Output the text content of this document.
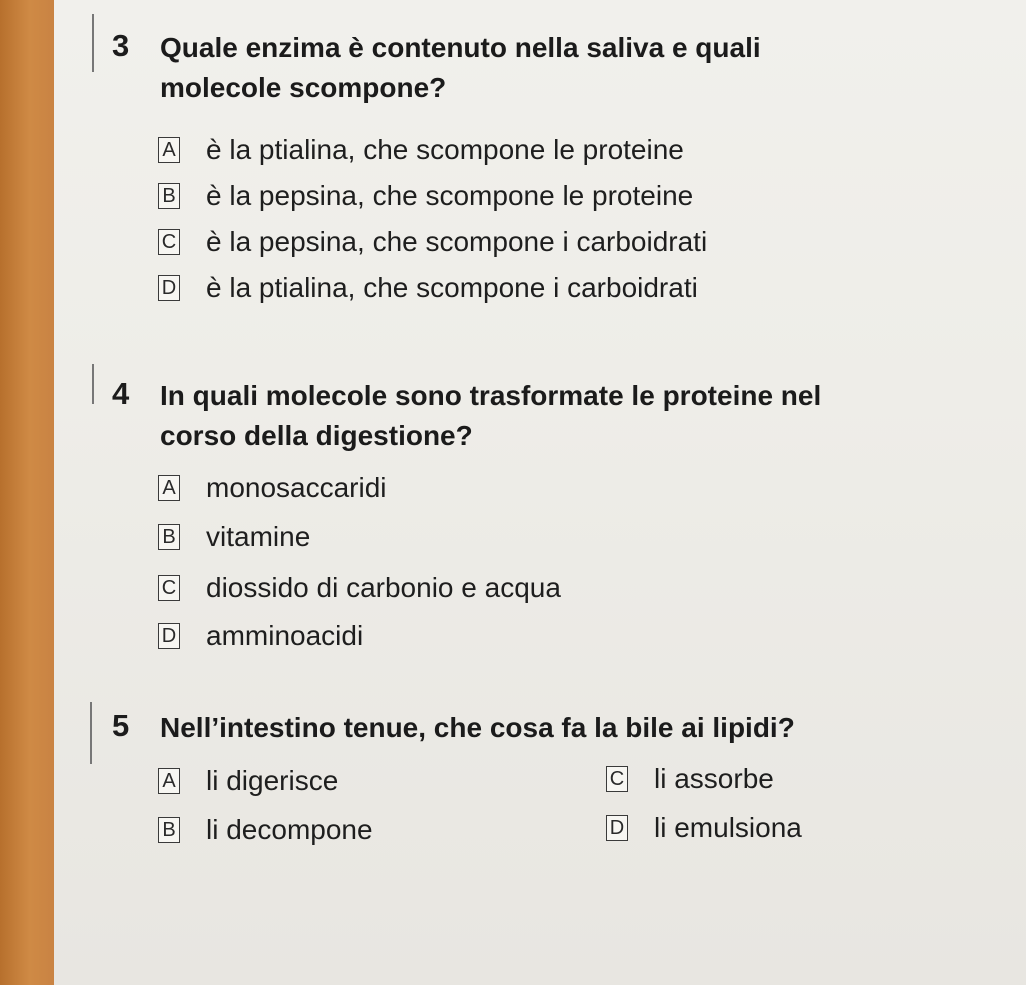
3 Quale enzima è contenuto nella saliva e quali
molecole scompone?
A è la ptialina, che scompone le proteine
B è la pepsina, che scompone le proteine
C è la pepsina, che scompone i carboidrati
D è la ptialina, che scompone i carboidrati
4 In quali molecole sono trasformate le proteine nel
corso della digestione?
A monosaccaridi
B vitamine
C diossido di carbonio e acqua
D amminoacidi
5 Nell’intestino tenue, che cosa fa la bile ai lipidi?
A li digerisce
B li decompone
C li assorbe
D li emulsiona
